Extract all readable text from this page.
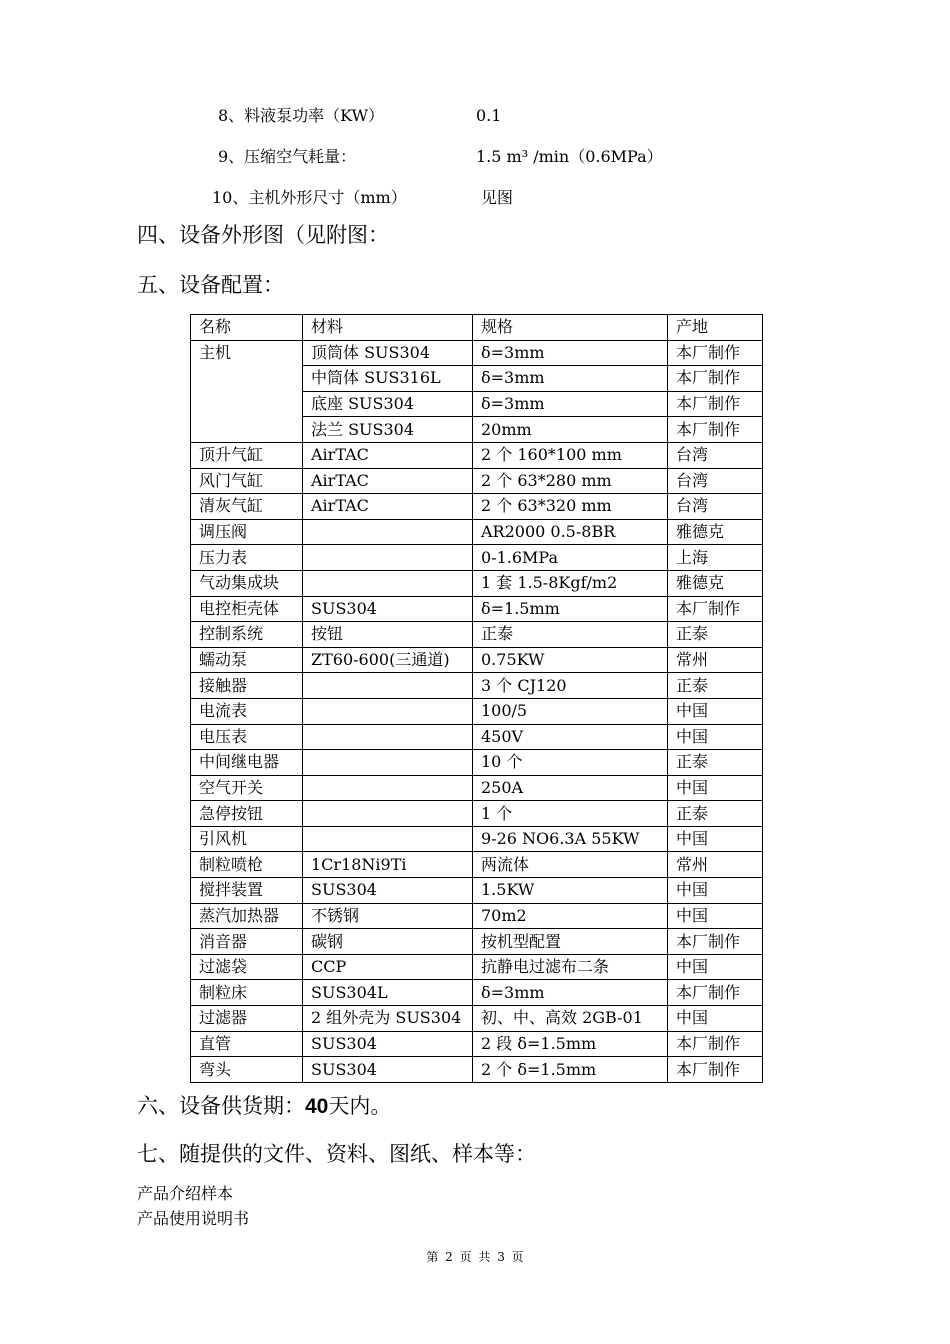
8、料液泵功率（KW）	0.1
9、压缩空气耗量：	1.5 m³ /min（0.6MPa）
10、主机外形尺寸（mm）	见图
四、设备外形图（见附图：
五、设备配置：
名称	材料	规格	产地
主机	顶筒体 SUS304	δ=3mm	本厂制作
	中筒体 SUS316L	δ=3mm	本厂制作
	底座 SUS304	δ=3mm	本厂制作
	法兰 SUS304	20mm	本厂制作
顶升气缸	AirTAC	2 个 160*100 mm	台湾
风门气缸	AirTAC	2 个 63*280 mm	台湾
清灰气缸	AirTAC	2 个 63*320 mm	台湾
调压阀		AR2000 0.5-8BR	雅德克
压力表		0-1.6MPa	上海
气动集成块		1 套 1.5-8Kgf/m2	雅德克
电控柜壳体	SUS304	δ=1.5mm	本厂制作
控制系统	按钮	正泰	正泰
蠕动泵	ZT60-600(三通道)	0.75KW	常州
接触器		3 个 CJ120	正泰
电流表		100/5	中国
电压表		450V	中国
中间继电器		10 个	正泰
空气开关		250A	中国
急停按钮		1 个	正泰
引风机		9-26 NO6.3A 55KW	中国
制粒喷枪	1Cr18Ni9Ti	两流体	常州
搅拌装置	SUS304	1.5KW	中国
蒸汽加热器	不锈钢	70m2	中国
消音器	碳钢	按机型配置	本厂制作
过滤袋	CCP	抗静电过滤布二条	中国
制粒床	SUS304L	δ=3mm	本厂制作
过滤器	2 组外壳为 SUS304	初、中、高效 2GB-01	中国
直管	SUS304	2 段 δ=1.5mm	本厂制作
弯头	SUS304	2 个 δ=1.5mm	本厂制作
六、设备供货期：40天内。
七、随提供的文件、资料、图纸、样本等：
产品介绍样本
产品使用说明书
第 2 页 共 3 页
